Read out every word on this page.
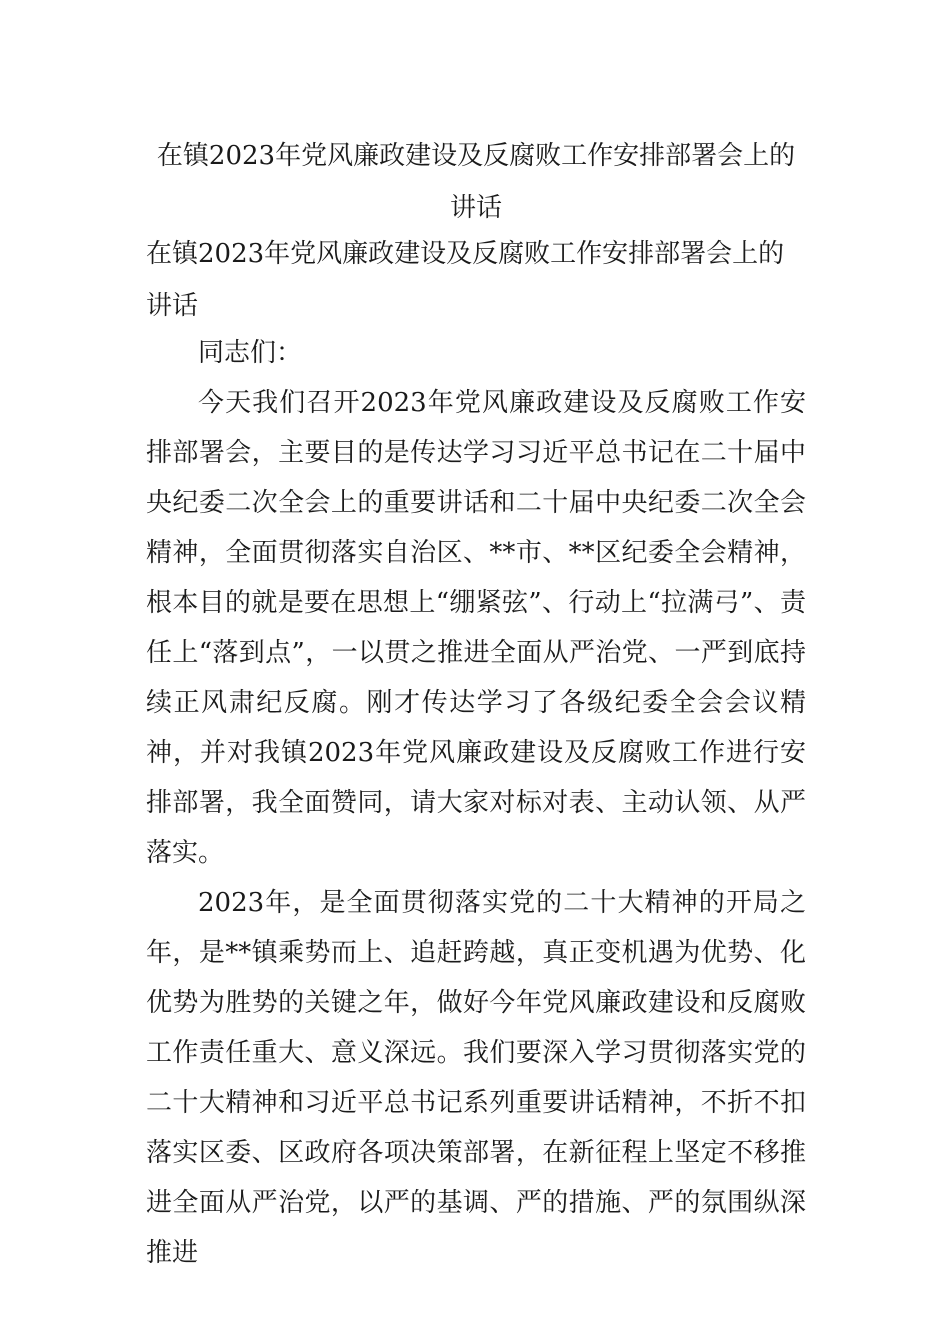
在镇2023年党风廉政建设及反腐败工作安排部署会上的讲话
在镇2023年党风廉政建设及反腐败工作安排部署会上的讲话

同志们：

今天我们召开2023年党风廉政建设及反腐败工作安排部署会，主要目的是传达学习习近平总书记在二十届中央纪委二次全会上的重要讲话和二十届中央纪委二次全会精神，全面贯彻落实自治区、**市、**区纪委全会精神，根本目的就是要在思想上“绷紧弦”、行动上“拉满弓”、责任上“落到点”，一以贯之推进全面从严治党、一严到底持续正风肃纪反腐。刚才传达学习了各级纪委全会会议精神，并对我镇2023年党风廉政建设及反腐败工作进行安排部署，我全面赞同，请大家对标对表、主动认领、从严落实。

2023年，是全面贯彻落实党的二十大精神的开局之年，是**镇乘势而上、追赶跨越，真正变机遇为优势、化优势为胜势的关键之年，做好今年党风廉政建设和反腐败工作责任重大、意义深远。我们要深入学习贯彻落实党的二十大精神和习近平总书记系列重要讲话精神，不折不扣落实区委、区政府各项决策部署，在新征程上坚定不移推进全面从严治党，以严的基调、严的措施、严的氛围纵深推进
